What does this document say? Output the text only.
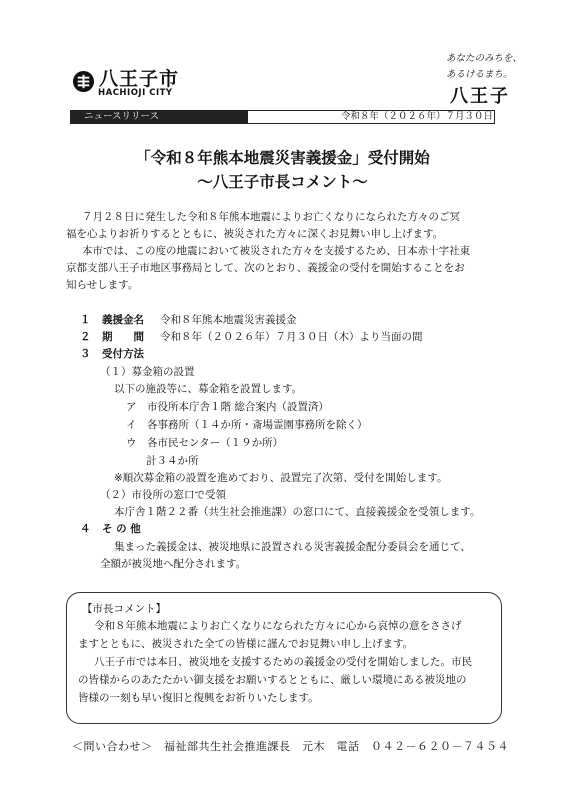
八王子市
HACHIOJI CITY
あなたのみちを、
あるけるまち。
八王子
ニュースリリース	令和８年（２０２６年）７月３０日
「令和８年熊本地震災害義援金」受付開始
～八王子市長コメント～
７月２８日に発生した令和８年熊本地震によりお亡くなりになられた方々のご冥
福を心よりお祈りするとともに、被災された方々に深くお見舞い申し上げます。
本市では、この度の地震において被災された方々を支援するため、日本赤十字社東
京都支部八王子市地区事務局として、次のとおり、義援金の受付を開始することをお
知らせします。
１ 義援金名 令和８年熊本地震災害義援金
２ 期　　間 令和８年（２０２６年）７月３０日（木）より当面の間
３ 受付方法
（１）募金箱の設置
以下の施設等に、募金箱を設置します。
ア　市役所本庁舎１階 総合案内（設置済）
イ　各事務所（１４か所・斎場霊園事務所を除く）
ウ　各市民センター（１９か所）
計３４か所
※順次募金箱の設置を進めており、設置完了次第、受付を開始します。
（２）市役所の窓口で受領
本庁舎１階２２番（共生社会推進課）の窓口にて、直接義援金を受領します。
４ そ の 他
集まった義援金は、被災地県に設置される災害義援金配分委員会を通じて、
全額が被災地へ配分されます。
【市長コメント】
令和８年熊本地震によりお亡くなりになられた方々に心から哀悼の意をささげ
ますとともに、被災された全ての皆様に謹んでお見舞い申し上げます。
八王子市では本日、被災地を支援するための義援金の受付を開始しました。市民
の皆様からのあたたかい御支援をお願いするとともに、厳しい環境にある被災地の
皆様の一刻も早い復旧と復興をお祈りいたします。
＜問い合わせ＞　福祉部共生社会推進課長　元木　電話　０４２－６２０－７４５４
